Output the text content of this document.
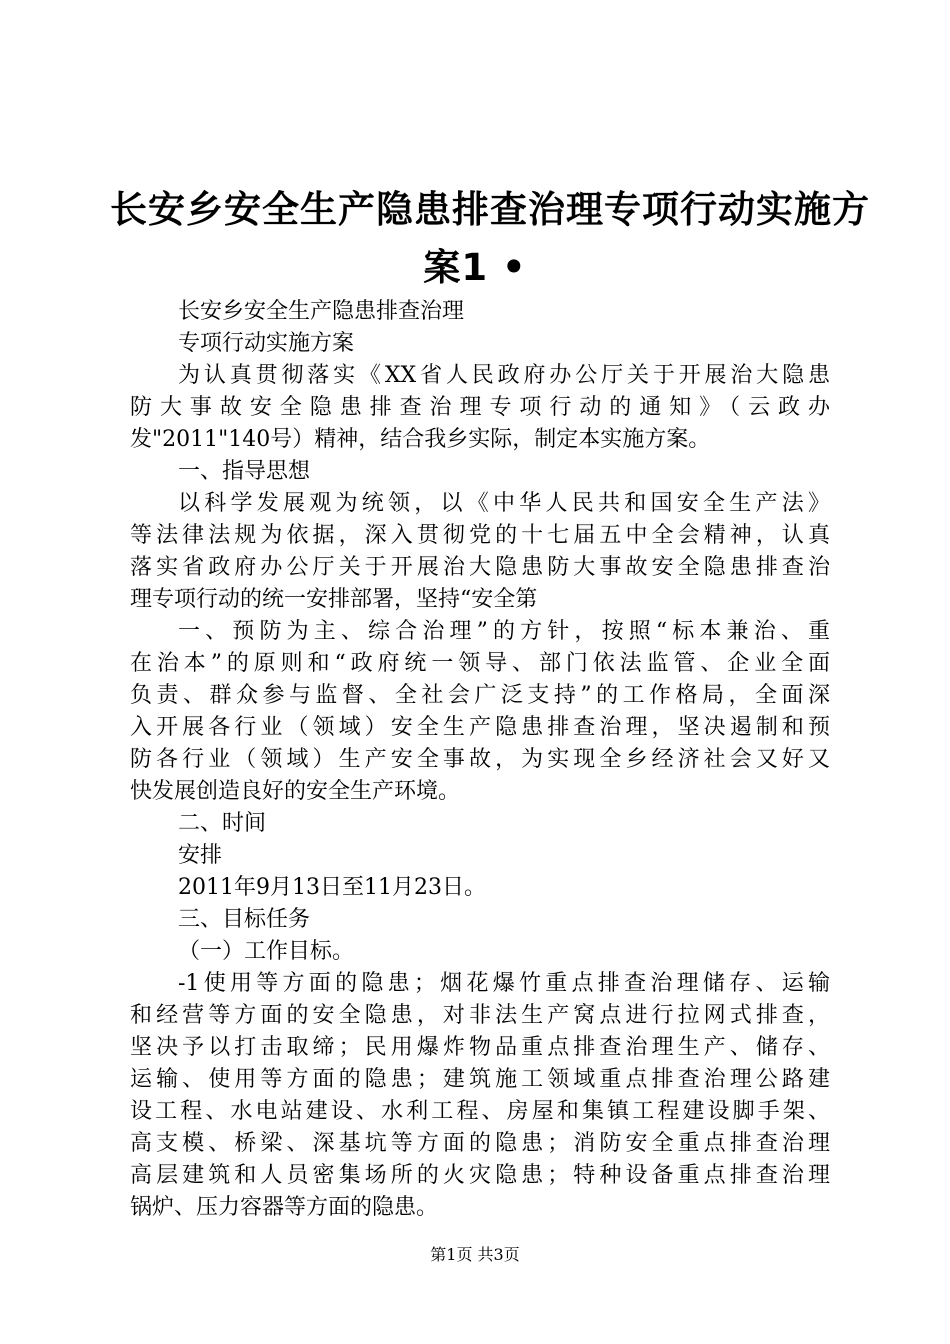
长安乡安全生产隐患排查治理专项行动实施方
案1 •
长安乡安全生产隐患排查治理
专项行动实施方案
为认真贯彻落实《XX省人民政府办公厅关于开展治大隐患
防大事故安全隐患排查治理专项行动的通知》（云政办
发"2011"140号）精神，结合我乡实际，制定本实施方案。
一、指导思想
以科学发展观为统领，以《中华人民共和国安全生产法》
等法律法规为依据，深入贯彻党的十七届五中全会精神，认真
落实省政府办公厅关于开展治大隐患防大事故安全隐患排查治
理专项行动的统一安排部署，坚持“安全第
一、预防为主、综合治理”的方针，按照“标本兼治、重
在治本”的原则和“政府统一领导、部门依法监管、企业全面
负责、群众参与监督、全社会广泛支持”的工作格局，全面深
入开展各行业（领域）安全生产隐患排查治理，坚决遏制和预
防各行业（领域）生产安全事故，为实现全乡经济社会又好又
快发展创造良好的安全生产环境。
二、时间
安排
2011年9月13日至11月23日。
三、目标任务
（一）工作目标。
-1使用等方面的隐患；烟花爆竹重点排查治理储存、运输
和经营等方面的安全隐患，对非法生产窝点进行拉网式排查，
坚决予以打击取缔；民用爆炸物品重点排查治理生产、储存、
运输、使用等方面的隐患；建筑施工领域重点排查治理公路建
设工程、水电站建设、水利工程、房屋和集镇工程建设脚手架、
高支模、桥梁、深基坑等方面的隐患；消防安全重点排查治理
高层建筑和人员密集场所的火灾隐患；特种设备重点排查治理
锅炉、压力容器等方面的隐患。
第1页 共3页
